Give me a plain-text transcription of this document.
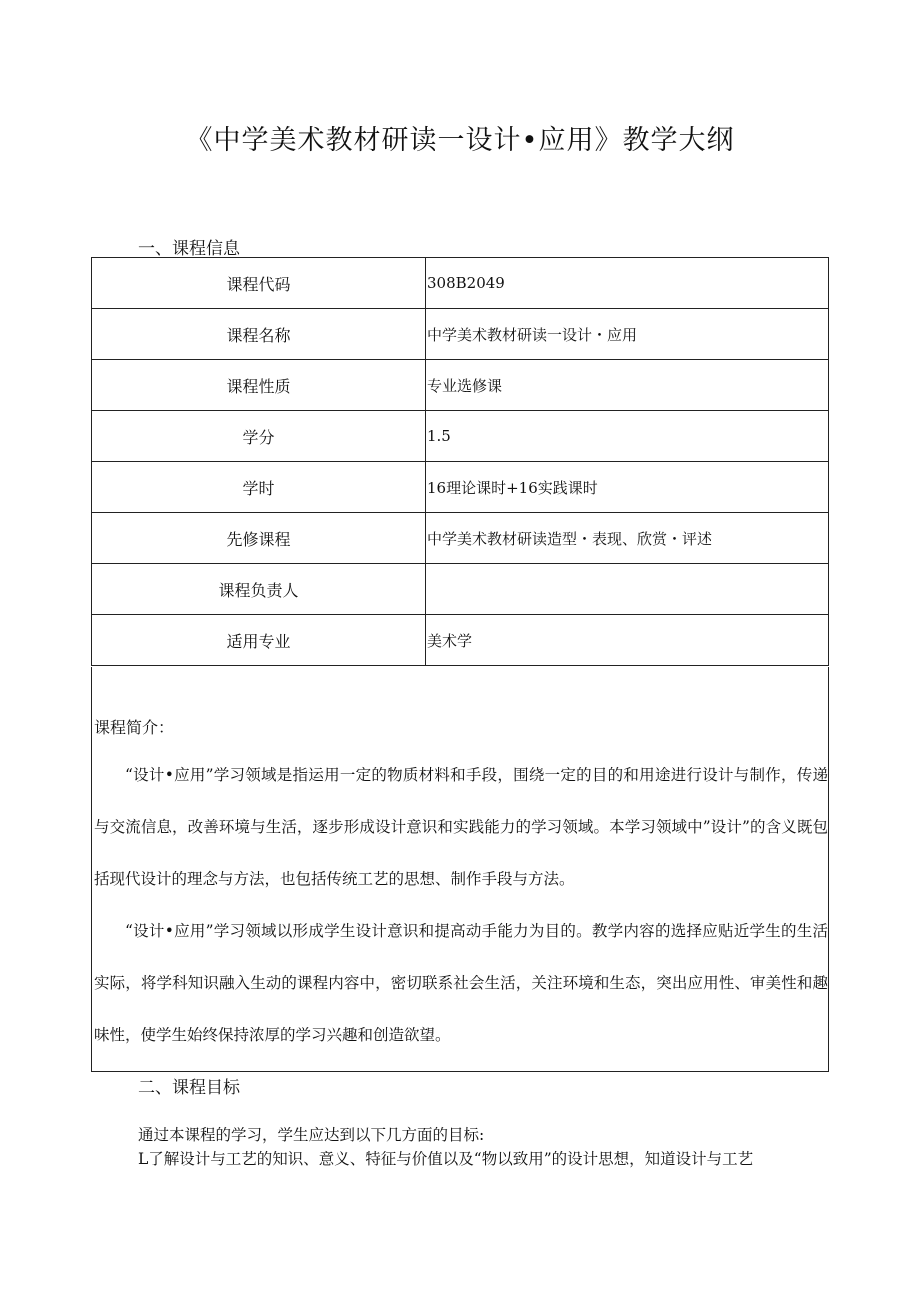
《中学美术教材研读一设计•应用》教学大纲
一、课程信息
课程代码	308B2049
课程名称	中学美术教材研读一设计・应用
课程性质	专业选修课
学分	1.5
学时	16理论课时+16实践课时
先修课程	中学美术教材研读造型・表现、欣赏・评述
课程负责人	
适用专业	美术学
课程简介：
“设计•应用”学习领域是指运用一定的物质材料和手段，围绕一定的目的和用途进行设计与制作，传递与交流信息，改善环境与生活，逐步形成设计意识和实践能力的学习领域。本学习领域中”设计”的含义既包括现代设计的理念与方法，也包括传统工艺的思想、制作手段与方法。
“设计•应用”学习领域以形成学生设计意识和提高动手能力为目的。教学内容的选择应贴近学生的生活实际，将学科知识融入生动的课程内容中，密切联系社会生活，关注环境和生态，突出应用性、审美性和趣味性，使学生始终保持浓厚的学习兴趣和创造欲望。
二、课程目标
通过本课程的学习，学生应达到以下几方面的目标:
L了解设计与工艺的知识、意义、特征与价值以及“物以致用”的设计思想，知道设计与工艺
